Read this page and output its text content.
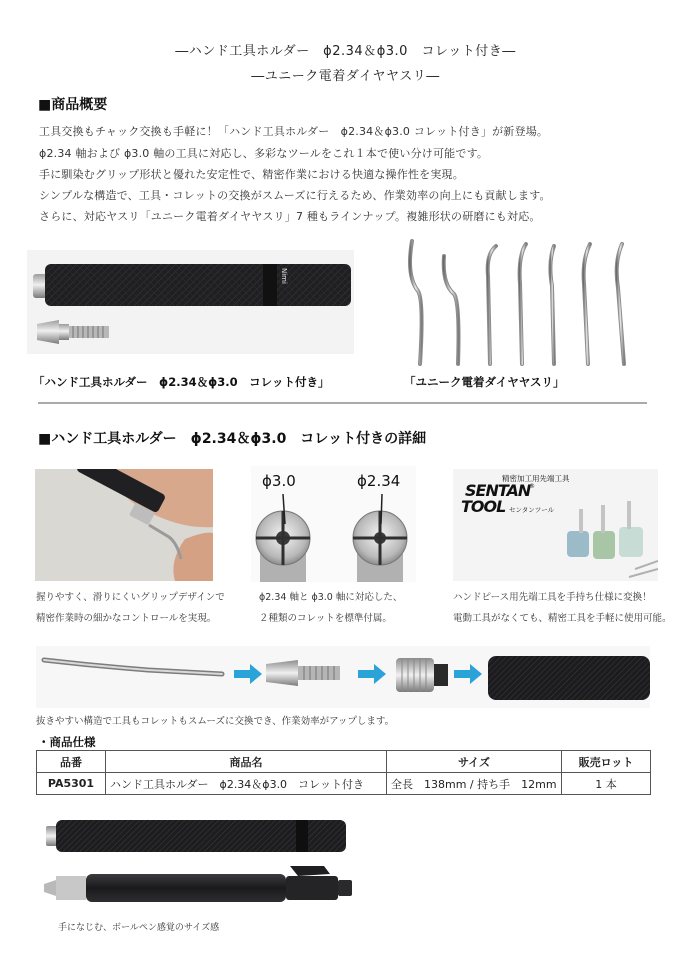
―ハンド工具ホルダー　ϕ2.34＆ϕ3.0　コレット付き―
―ユニーク電着ダイヤヤスリ―
■商品概要
工具交換もチャック交換も手軽に！「ハンド工具ホルダー　ϕ2.34＆ϕ3.0 コレット付き」が新登場。
ϕ2.34 軸および ϕ3.0 軸の工具に対応し、多彩なツールをこれ１本で使い分け可能です。
手に馴染むグリップ形状と優れた安定性で、精密作業における快適な操作性を実現。
シンプルな構造で、工具・コレットの交換がスムーズに行えるため、作業効率の向上にも貢献します。
さらに、対応ヤスリ「ユニーク電着ダイヤヤスリ」7 種もラインナップ。複雑形状の研磨にも対応。
Nimi
「ハンド工具ホルダー　ϕ2.34＆ϕ3.0　コレット付き」	「ユニーク電着ダイヤヤスリ」
■ハンド工具ホルダー　ϕ2.34＆ϕ3.0　コレット付きの詳細
握りやすく、滑りにくいグリップデザインで
精密作業時の細かなコントロールを実現。
ϕ3.0	ϕ2.34
ϕ2.34 軸と ϕ3.0 軸に対応した、
２種類のコレットを標準付属。
精密加工用先端工具
SENTAN
TOOL
®
センタンツール
ハンドピース用先端工具を手持ち仕様に変換！
電動工具がなくても、精密工具を手軽に使用可能。
抜きやすい構造で工具もコレットもスムーズに交換でき、作業効率がアップします。
・商品仕様
品番	商品名	サイズ	販売ロット
PA5301	ハンド工具ホルダー　ϕ2.34＆ϕ3.0　コレット付き	全長　138mm / 持ち手　12mm	1 本
手になじむ、ボールペン感覚のサイズ感
